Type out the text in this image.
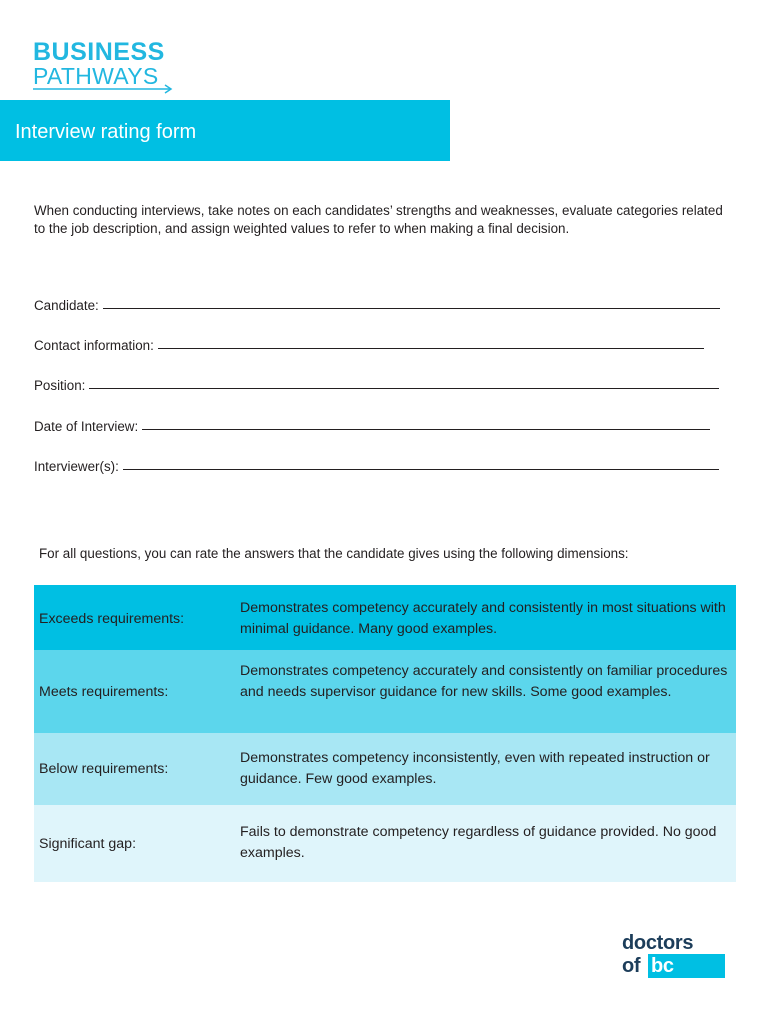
BUSINESS
PATHWAYS
Interview rating form
When conducting interviews, take notes on each candidates’ strengths and weaknesses, evaluate categories related to the job description, and assign weighted values to refer to when making a final decision.
Candidate:
Contact information:
Position:
Date of Interview:
Interviewer(s):
For all questions, you can rate the answers that the candidate gives using the following dimensions:
Exceeds requirements:
Demonstrates competency accurately and consistently in most situations with minimal guidance. Many good examples.
Meets requirements:
Demonstrates competency accurately and consistently on familiar procedures and needs supervisor guidance for new skills. Some good examples.
Below requirements:
Demonstrates competency inconsistently, even with repeated instruction or guidance. Few good examples.
Significant gap:
Fails to demonstrate competency regardless of guidance provided. No good examples.
doctors
of bc
